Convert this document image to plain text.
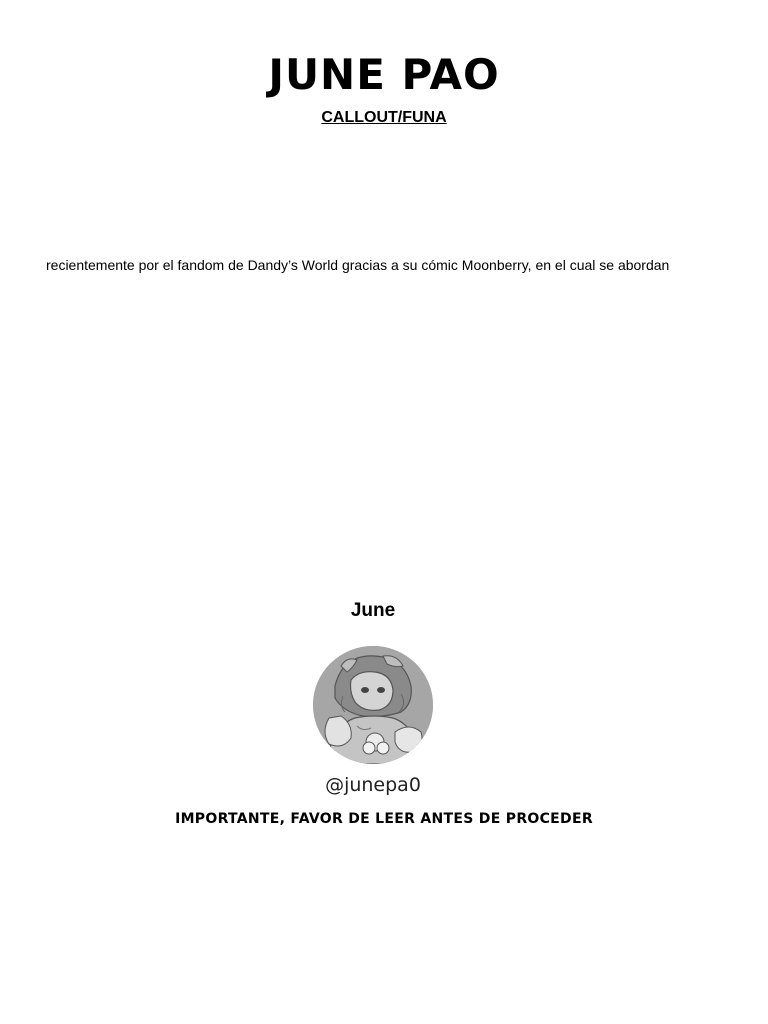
JUNE PAO
CALLOUT/FUNA
recientemente por el fandom de Dandy’s World gracias a su cómic Moonberry, en el cual se abordan
June
@junepa0
IMPORTANTE, FAVOR DE LEER ANTES DE PROCEDER
